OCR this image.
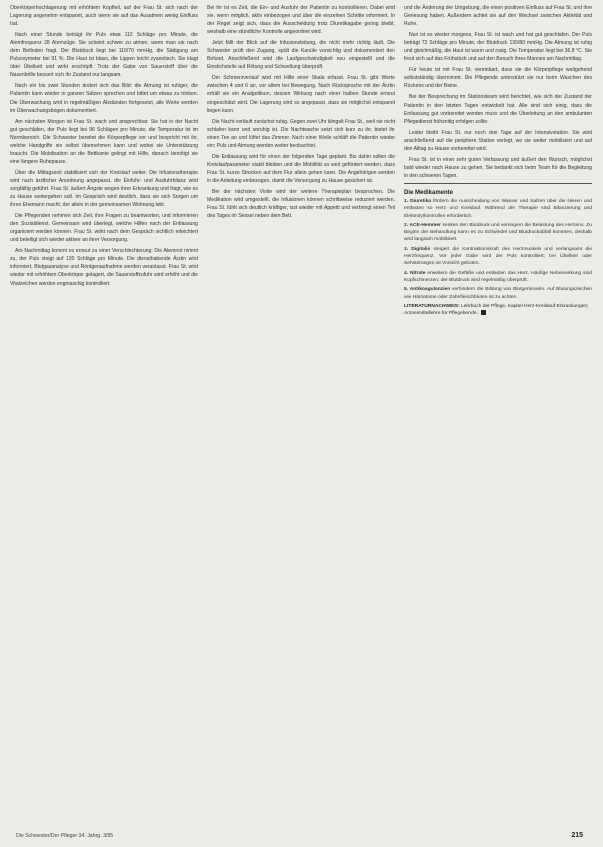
Oberkörperhochlagerung mit erhöhtem Kopfteil, auf der Frau St. sich nach der Lagerung angenehm entspannt, auch wenn sie auf das Ausatmen wenig Einfluss hat.

Nach einer Stunde beträgt ihr Puls etwa 112 Schläge pro Minute, die Atemfrequenz 28 Atemzüge. Sie scheint schwer zu atmen, wenn man sie nach dem Befinden fragt. Der Blutdruck liegt bei 110/70 mmHg, die Sättigung am Pulsoxymeter bei 91 %. Die Haut ist blass, die Lippen leicht zyanotisch. Sie klagt über Übelkeit und wirkt erschöpft. Trotz der Gabe von Sauerstoff über die Nasenbrille bessert sich ihr Zustand nur langsam.

Nach ein bis zwei Stunden ändert sich das Bild: die Atmung ist ruhiger, die Patientin kann wieder in ganzen Sätzen sprechen und bittet um etwas zu trinken. Die Überwachung wird in regelmäßigen Abständen fortgesetzt, alle Werte werden im Überwachungsbogen dokumentiert.

Am nächsten Morgen ist Frau St. wach und ansprechbar. Sie hat in der Nacht gut geschlafen, der Puls liegt bei 96 Schlägen pro Minute, die Temperatur ist im Normbereich. Die Schwester bereitet die Körperpflege vor und bespricht mit ihr, welche Handgriffe sie selbst übernehmen kann und wobei sie Unterstützung braucht. Die Mobilisation an die Bettkante gelingt mit Hilfe, danach benötigt sie eine längere Ruhepause.

Über die Mittagszeit stabilisiert sich der Kreislauf weiter. Die Infusionstherapie wird nach ärztlicher Anordnung angepasst, die Einfuhr- und Ausfuhrbilanz wird sorgfältig geführt. Frau St. äußert Ängste wegen ihrer Erkrankung und fragt, wie es zu Hause weitergehen soll. Im Gespräch wird deutlich, dass sie sich Sorgen um ihren Ehemann macht, der allein in der gemeinsamen Wohnung lebt.

Die Pflegenden nehmen sich Zeit, ihre Fragen zu beantworten, und informieren den Sozialdienst. Gemeinsam wird überlegt, welche Hilfen nach der Entlassung organisiert werden können. Frau St. wirkt nach dem Gespräch sichtlich erleichtert und beteiligt sich wieder aktiver an ihrer Versorgung.

Am Nachmittag kommt es erneut zu einer Verschlechterung: Die Atemnot nimmt zu, der Puls steigt auf 130 Schläge pro Minute. Die diensthabende Ärztin wird informiert, Blutgasanalyse und Röntgenaufnahme werden veranlasst. Frau St. wird wieder mit erhöhtem Oberkörper gelagert, die Sauerstoffzufuhr wird erhöht und die Vitalzeichen werden engmaschig kontrolliert.

Bei ihr ist es Zeit, die Ein- und Ausfuhr der Patientin zu kontrollieren. Dabei wird sie, wenn möglich, aktiv einbezogen und über die einzelnen Schritte informiert. In der Regel zeigt sich, dass die Ausscheidung trotz Diuretikagabe gering bleibt, weshalb eine stündliche Kontrolle angeordnet wird.

Jetzt fällt der Blick auf die Infusionsleitung, die nicht mehr richtig läuft. Die Schwester prüft den Zugang, spült die Kanüle vorsichtig und dokumentiert den Befund. Anschließend wird die Laufgeschwindigkeit neu eingestellt und die Einstichstelle auf Rötung und Schwellung überprüft.

Der Schmerzverlauf wird mit Hilfe einer Skala erfasst. Frau St. gibt Werte zwischen 4 und 6 an, vor allem bei Bewegung. Nach Rücksprache mit der Ärztin erhält sie ein Analgetikum, dessen Wirkung nach einer halben Stunde erneut eingeschätzt wird. Die Lagerung wird so angepasst, dass sie möglichst entspannt liegen kann.

Die Nacht verläuft zunächst ruhig. Gegen zwei Uhr klingelt Frau St., weil sie nicht schlafen kann und unruhig ist. Die Nachtwache setzt sich kurz zu ihr, bietet ihr einen Tee an und lüftet das Zimmer. Nach einer Weile schläft die Patientin wieder ein; Puls und Atmung werden weiter beobachtet.

Die Entlassung wird für einen der folgenden Tage geplant. Bis dahin sollen die Kreislaufparameter stabil bleiben und die Mobilität so weit gefördert werden, dass Frau St. kurze Strecken auf dem Flur allein gehen kann. Die Angehörigen werden in die Anleitung einbezogen, damit die Versorgung zu Hause gesichert ist.

Bei der nächsten Visite wird der weitere Therapieplan besprochen. Die Medikation wird umgestellt, die Infusionen können schrittweise reduziert werden. Frau St. fühlt sich deutlich kräftiger, isst wieder mit Appetit und verbringt einen Teil des Tages im Sessel neben dem Bett.

und die Änderung der Umgebung, die einen positiven Einfluss auf Frau St. und ihre Genesung haben. Außerdem achtet sie auf den Wechsel zwischen Aktivität und Ruhe.

Nun ist es wieder morgens, Frau St. ist wach und hat gut geschlafen. Der Puls beträgt 72 Schläge pro Minute, der Blutdruck 130/80 mmHg. Die Atmung ist ruhig und gleichmäßig, die Haut ist warm und rosig. Die Temperatur liegt bei 36,8 °C. Sie freut sich auf das Frühstück und auf den Besuch ihres Mannes am Nachmittag.

Für heute ist mit Frau St. vereinbart, dass sie die Körperpflege weitgehend selbstständig übernimmt. Die Pflegende unterstützt sie nur beim Waschen des Rückens und der Beine.

Bei der Besprechung im Stationsteam wird berichtet, wie sich der Zustand der Patientin in den letzten Tagen entwickelt hat. Alle sind sich einig, dass die Entlassung gut vorbereitet werden muss und die Überleitung an den ambulanten Pflegedienst frühzeitig erfolgen sollte.

Leider bleibt Frau St. nur noch drei Tage auf der Intensivstation. Sie wird anschließend auf die periphere Station verlegt, wo sie weiter mobilisiert und auf den Alltag zu Hause vorbereitet wird.

Frau St. ist in einer sehr guten Verfassung und äußert den Wunsch, möglichst bald wieder nach Hause zu gehen. Sie bedankt sich beim Team für die Begleitung in den schweren Tagen.

Die Medikamente

1. Diuretika fördern die Ausscheidung von Wasser und Salzen über die Nieren und entlasten so Herz und Kreislauf. Während der Therapie sind Bilanzierung und Elektrolytkontrollen erforderlich.

2. ACE-Hemmer senken den Blutdruck und verringern die Belastung des Herzens. Zu Beginn der Behandlung kann es zu Schwindel und Blutdruckabfall kommen, deshalb wird langsam mobilisiert.

3. Digitalis steigert die Kontraktionskraft des Herzmuskels und verlangsamt die Herzfrequenz. Vor jeder Gabe wird der Puls kontrolliert; bei Übelkeit oder Sehstörungen ist Vorsicht geboten.

4. Nitrate erweitern die Gefäße und entlasten das Herz. Häufige Nebenwirkung sind Kopfschmerzen; der Blutdruck wird regelmäßig überprüft.

5. Antikoagulanzien verhindern die Bildung von Blutgerinnseln. Auf Blutungszeichen wie Hämatome oder Zahnfleischbluten ist zu achten.

LITERATURNACHWEIS: Lehrbuch der Pflege, Kapitel Herz-Kreislauf-Erkrankungen; Arzneimittellehre für Pflegeberufe.
Die Schwester/Der Pfleger 34. Jahrg. 3/95	215
